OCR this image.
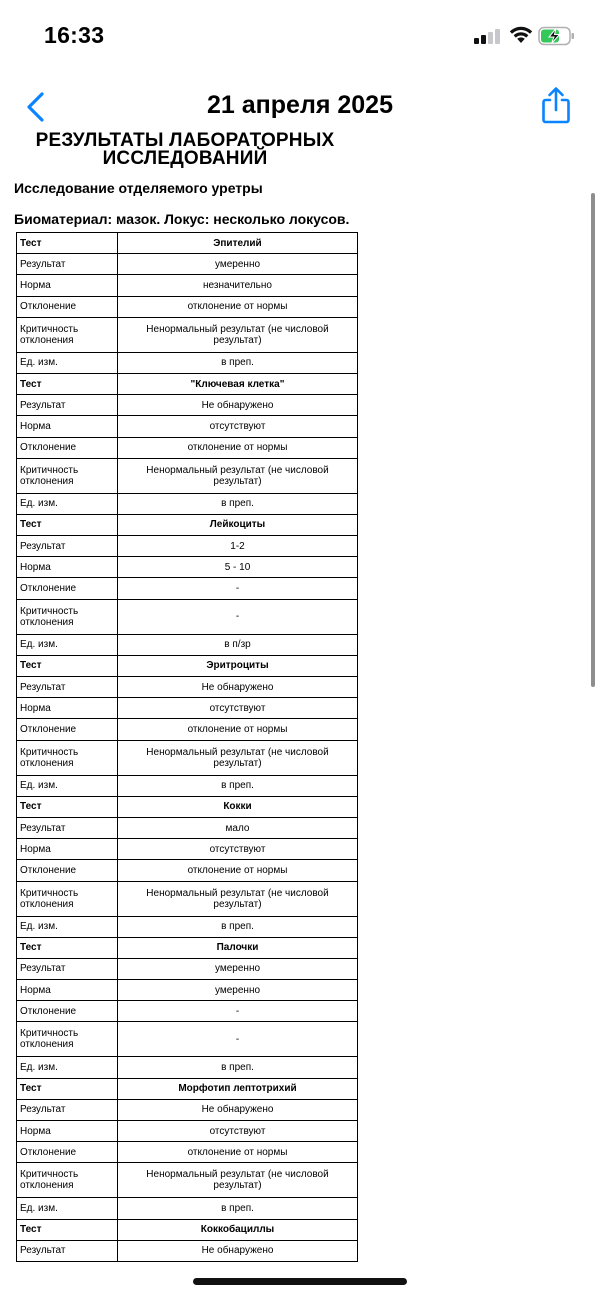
16:33
21 апреля 2025
РЕЗУЛЬТАТЫ ЛАБОРАТОРНЫХ ИССЛЕДОВАНИЙ
Исследование отделяемого уретры
Биоматериал: мазок. Локус: несколько локусов.
Тест	Эпителий
Результат	умеренно
Норма	незначительно
Отклонение	отклонение от нормы
Критичность отклонения	Ненормальный результат (не числовой результат)
Ед. изм.	в преп.
Тест	"Ключевая клетка"
Результат	Не обнаружено
Норма	отсутствуют
Отклонение	отклонение от нормы
Критичность отклонения	Ненормальный результат (не числовой результат)
Ед. изм.	в преп.
Тест	Лейкоциты
Результат	1-2
Норма	5 - 10
Отклонение	-
Критичность отклонения	-
Ед. изм.	в п/зр
Тест	Эритроциты
Результат	Не обнаружено
Норма	отсутствуют
Отклонение	отклонение от нормы
Критичность отклонения	Ненормальный результат (не числовой результат)
Ед. изм.	в преп.
Тест	Кокки
Результат	мало
Норма	отсутствуют
Отклонение	отклонение от нормы
Критичность отклонения	Ненормальный результат (не числовой результат)
Ед. изм.	в преп.
Тест	Палочки
Результат	умеренно
Норма	умеренно
Отклонение	-
Критичность отклонения	-
Ед. изм.	в преп.
Тест	Морфотип лептотрихий
Результат	Не обнаружено
Норма	отсутствуют
Отклонение	отклонение от нормы
Критичность отклонения	Ненормальный результат (не числовой результат)
Ед. изм.	в преп.
Тест	Коккобациллы
Результат	Не обнаружено
